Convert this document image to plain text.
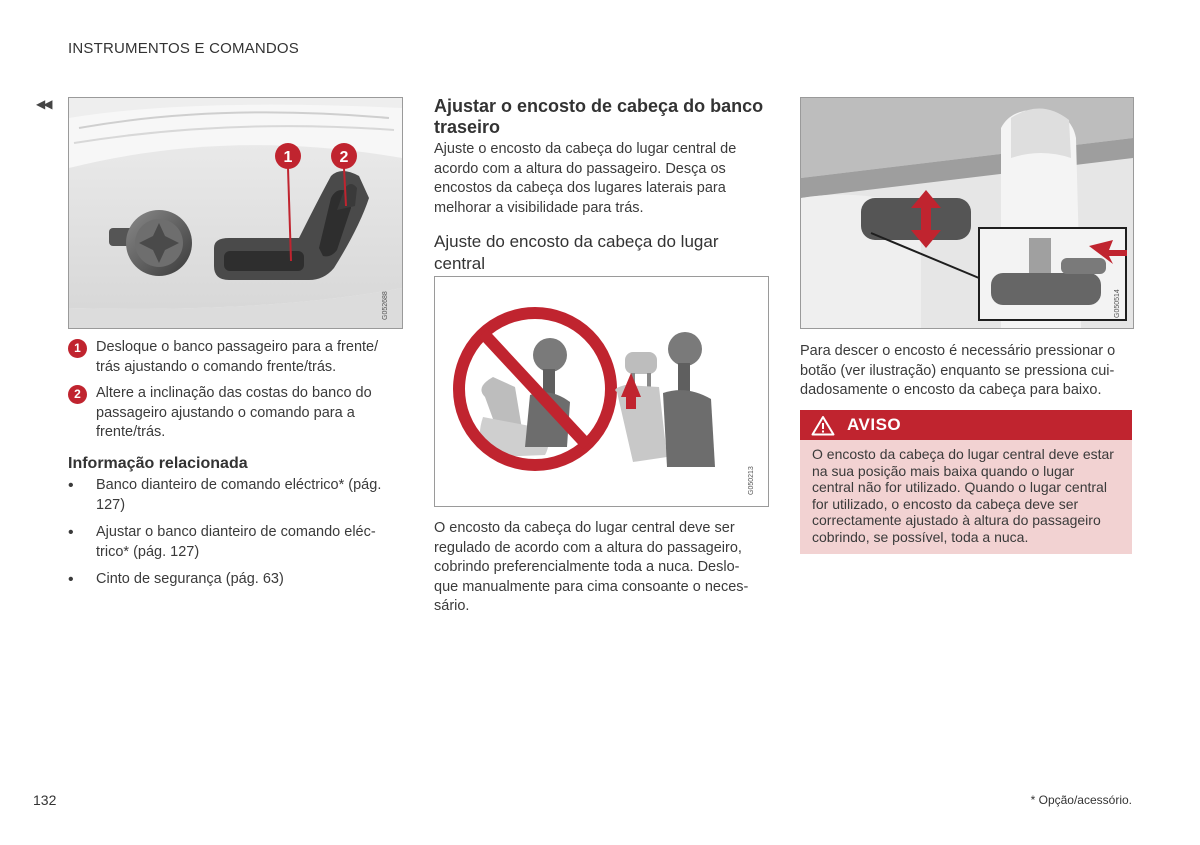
INSTRUMENTOS E COMANDOS
◀◀
1	2
G052688
1	Desloque o banco passageiro para a frente/ trás ajustando o comando frente/trás.
2	Altere a inclinação das costas do banco do passageiro ajustando o comando para a frente/trás.
Informação relacionada
•	Banco dianteiro de comando eléctrico* (pág. 127)
•	Ajustar o banco dianteiro de comando eléc- trico* (pág. 127)
•	Cinto de segurança (pág. 63)
Ajustar o encosto de cabeça do banco traseiro
Ajuste o encosto da cabeça do lugar central de acordo com a altura do passageiro. Desça os encostos da cabeça dos lugares laterais para melhorar a visibilidade para trás.
Ajuste do encosto da cabeça do lugar central
G050213
O encosto da cabeça do lugar central deve ser regulado de acordo com a altura do passageiro, cobrindo preferencialmente toda a nuca. Deslo- que manualmente para cima consoante o neces- sário.
G050514
Para descer o encosto é necessário pressionar o botão (ver ilustração) enquanto se pressiona cui- dadosamente o encosto da cabeça para baixo.
AVISO
O encosto da cabeça do lugar central deve estar na sua posição mais baixa quando o lugar central não for utilizado. Quando o lugar central for utilizado, o encosto da cabeça deve ser correctamente ajustado à altura do passageiro cobrindo, se possível, toda a nuca.
132	* Opção/acessório.
